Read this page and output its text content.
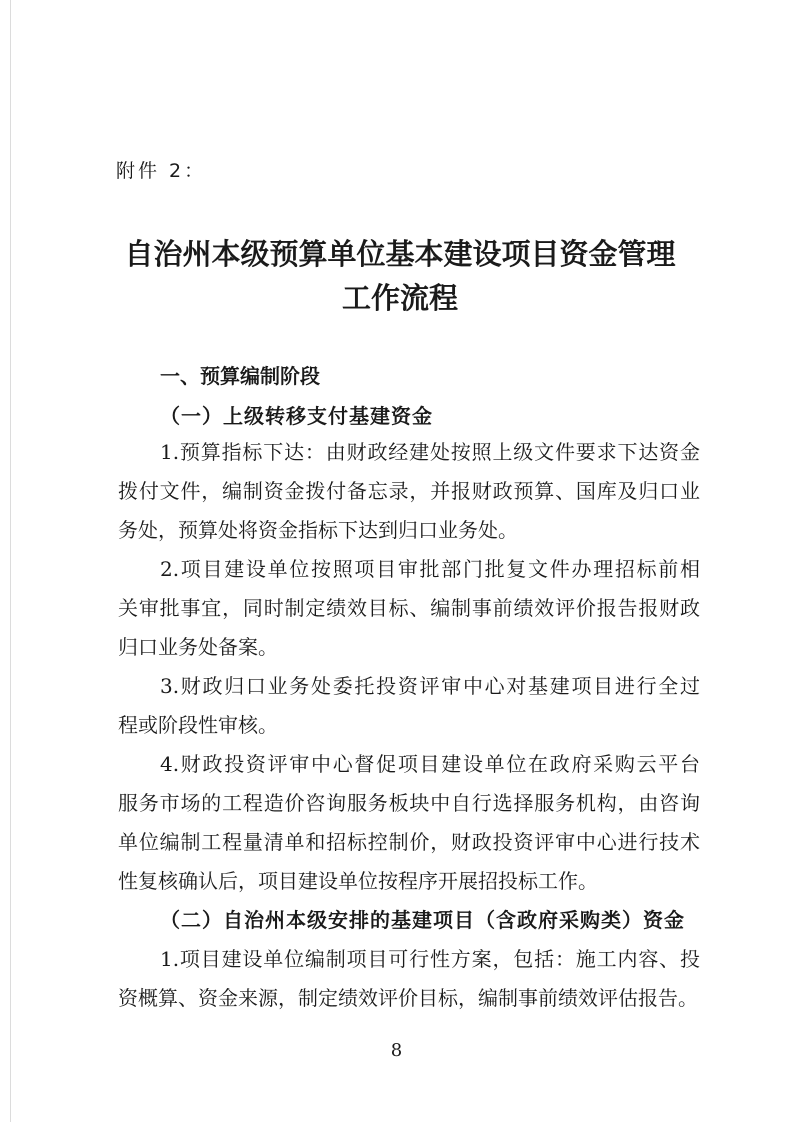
附件 2：
自治州本级预算单位基本建设项目资金管理
工作流程
一、预算编制阶段
（一）上级转移支付基建资金
1.预算指标下达：由财政经建处按照上级文件要求下达资金
拨付文件，编制资金拨付备忘录，并报财政预算、国库及归口业
务处，预算处将资金指标下达到归口业务处。
2.项目建设单位按照项目审批部门批复文件办理招标前相
关审批事宜，同时制定绩效目标、编制事前绩效评价报告报财政
归口业务处备案。
3.财政归口业务处委托投资评审中心对基建项目进行全过
程或阶段性审核。
4.财政投资评审中心督促项目建设单位在政府采购云平台
服务市场的工程造价咨询服务板块中自行选择服务机构，由咨询
单位编制工程量清单和招标控制价，财政投资评审中心进行技术
性复核确认后，项目建设单位按程序开展招投标工作。
（二）自治州本级安排的基建项目（含政府采购类）资金
1.项目建设单位编制项目可行性方案，包括：施工内容、投
资概算、资金来源，制定绩效评价目标，编制事前绩效评估报告。
8
